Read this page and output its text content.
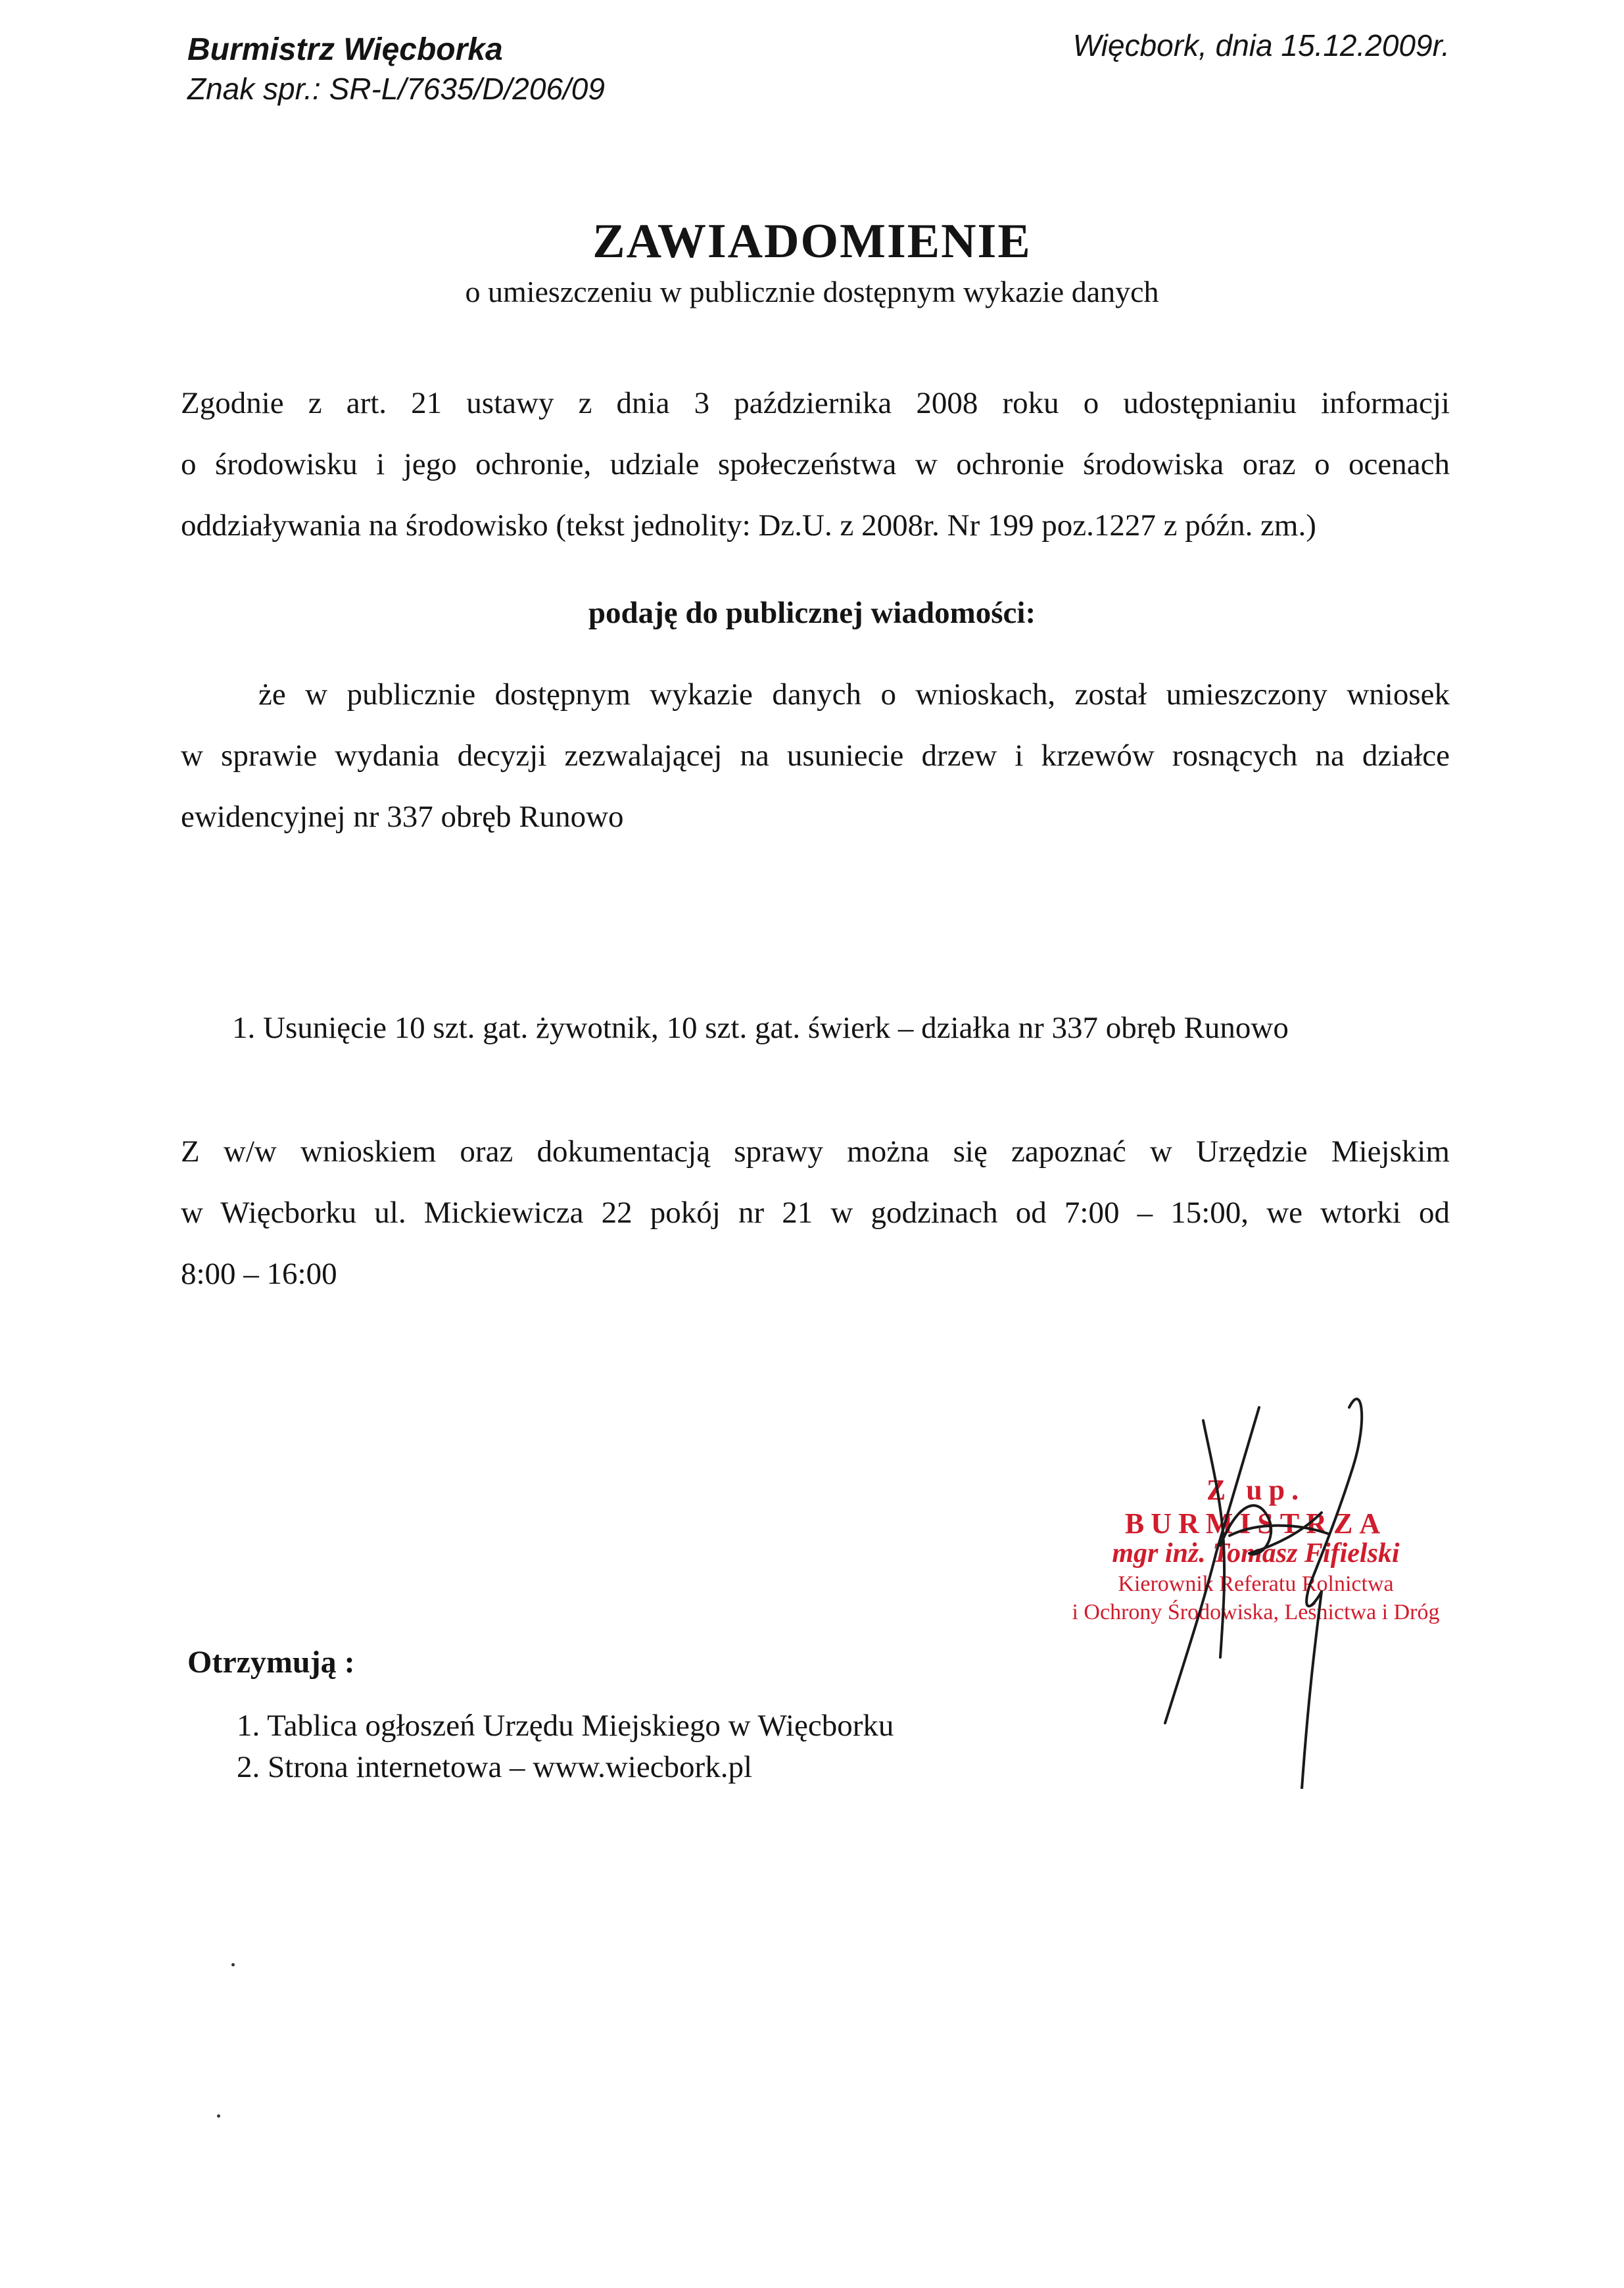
Burmistrz Więcborka
Znak spr.: SR-L/7635/D/206/09
Więcbork, dnia 15.12.2009r.
ZAWIADOMIENIE
o umieszczeniu w publicznie dostępnym wykazie danych
Zgodnie z art. 21 ustawy z dnia 3 października 2008 roku o udostępnianiu informacji
o środowisku i jego ochronie, udziale społeczeństwa w ochronie środowiska oraz o ocenach
oddziaływania na środowisko (tekst jednolity: Dz.U. z 2008r. Nr 199 poz.1227 z późn. zm.)
podaję do publicznej wiadomości:
że w publicznie dostępnym wykazie danych o wnioskach, został umieszczony wniosek
w sprawie wydania decyzji zezwalającej na usuniecie drzew i krzewów rosnących na działce
ewidencyjnej nr 337 obręb Runowo
1. Usunięcie 10 szt. gat. żywotnik, 10 szt. gat. świerk – działka nr 337 obręb Runowo
Z w/w wnioskiem oraz dokumentacją sprawy można się zapoznać w Urzędzie Miejskim
w Więcborku ul. Mickiewicza 22 pokój nr 21 w godzinach od 7:00 – 15:00, we wtorki od
8:00 – 16:00
Z up. BURMISTRZA
mgr inż. Tomasz Fifielski
Kierownik Referatu Rolnictwa
i Ochrony Środowiska, Leśnictwa i Dróg
Otrzymują :
1. Tablica ogłoszeń Urzędu Miejskiego w Więcborku
2. Strona internetowa – www.wiecbork.pl
